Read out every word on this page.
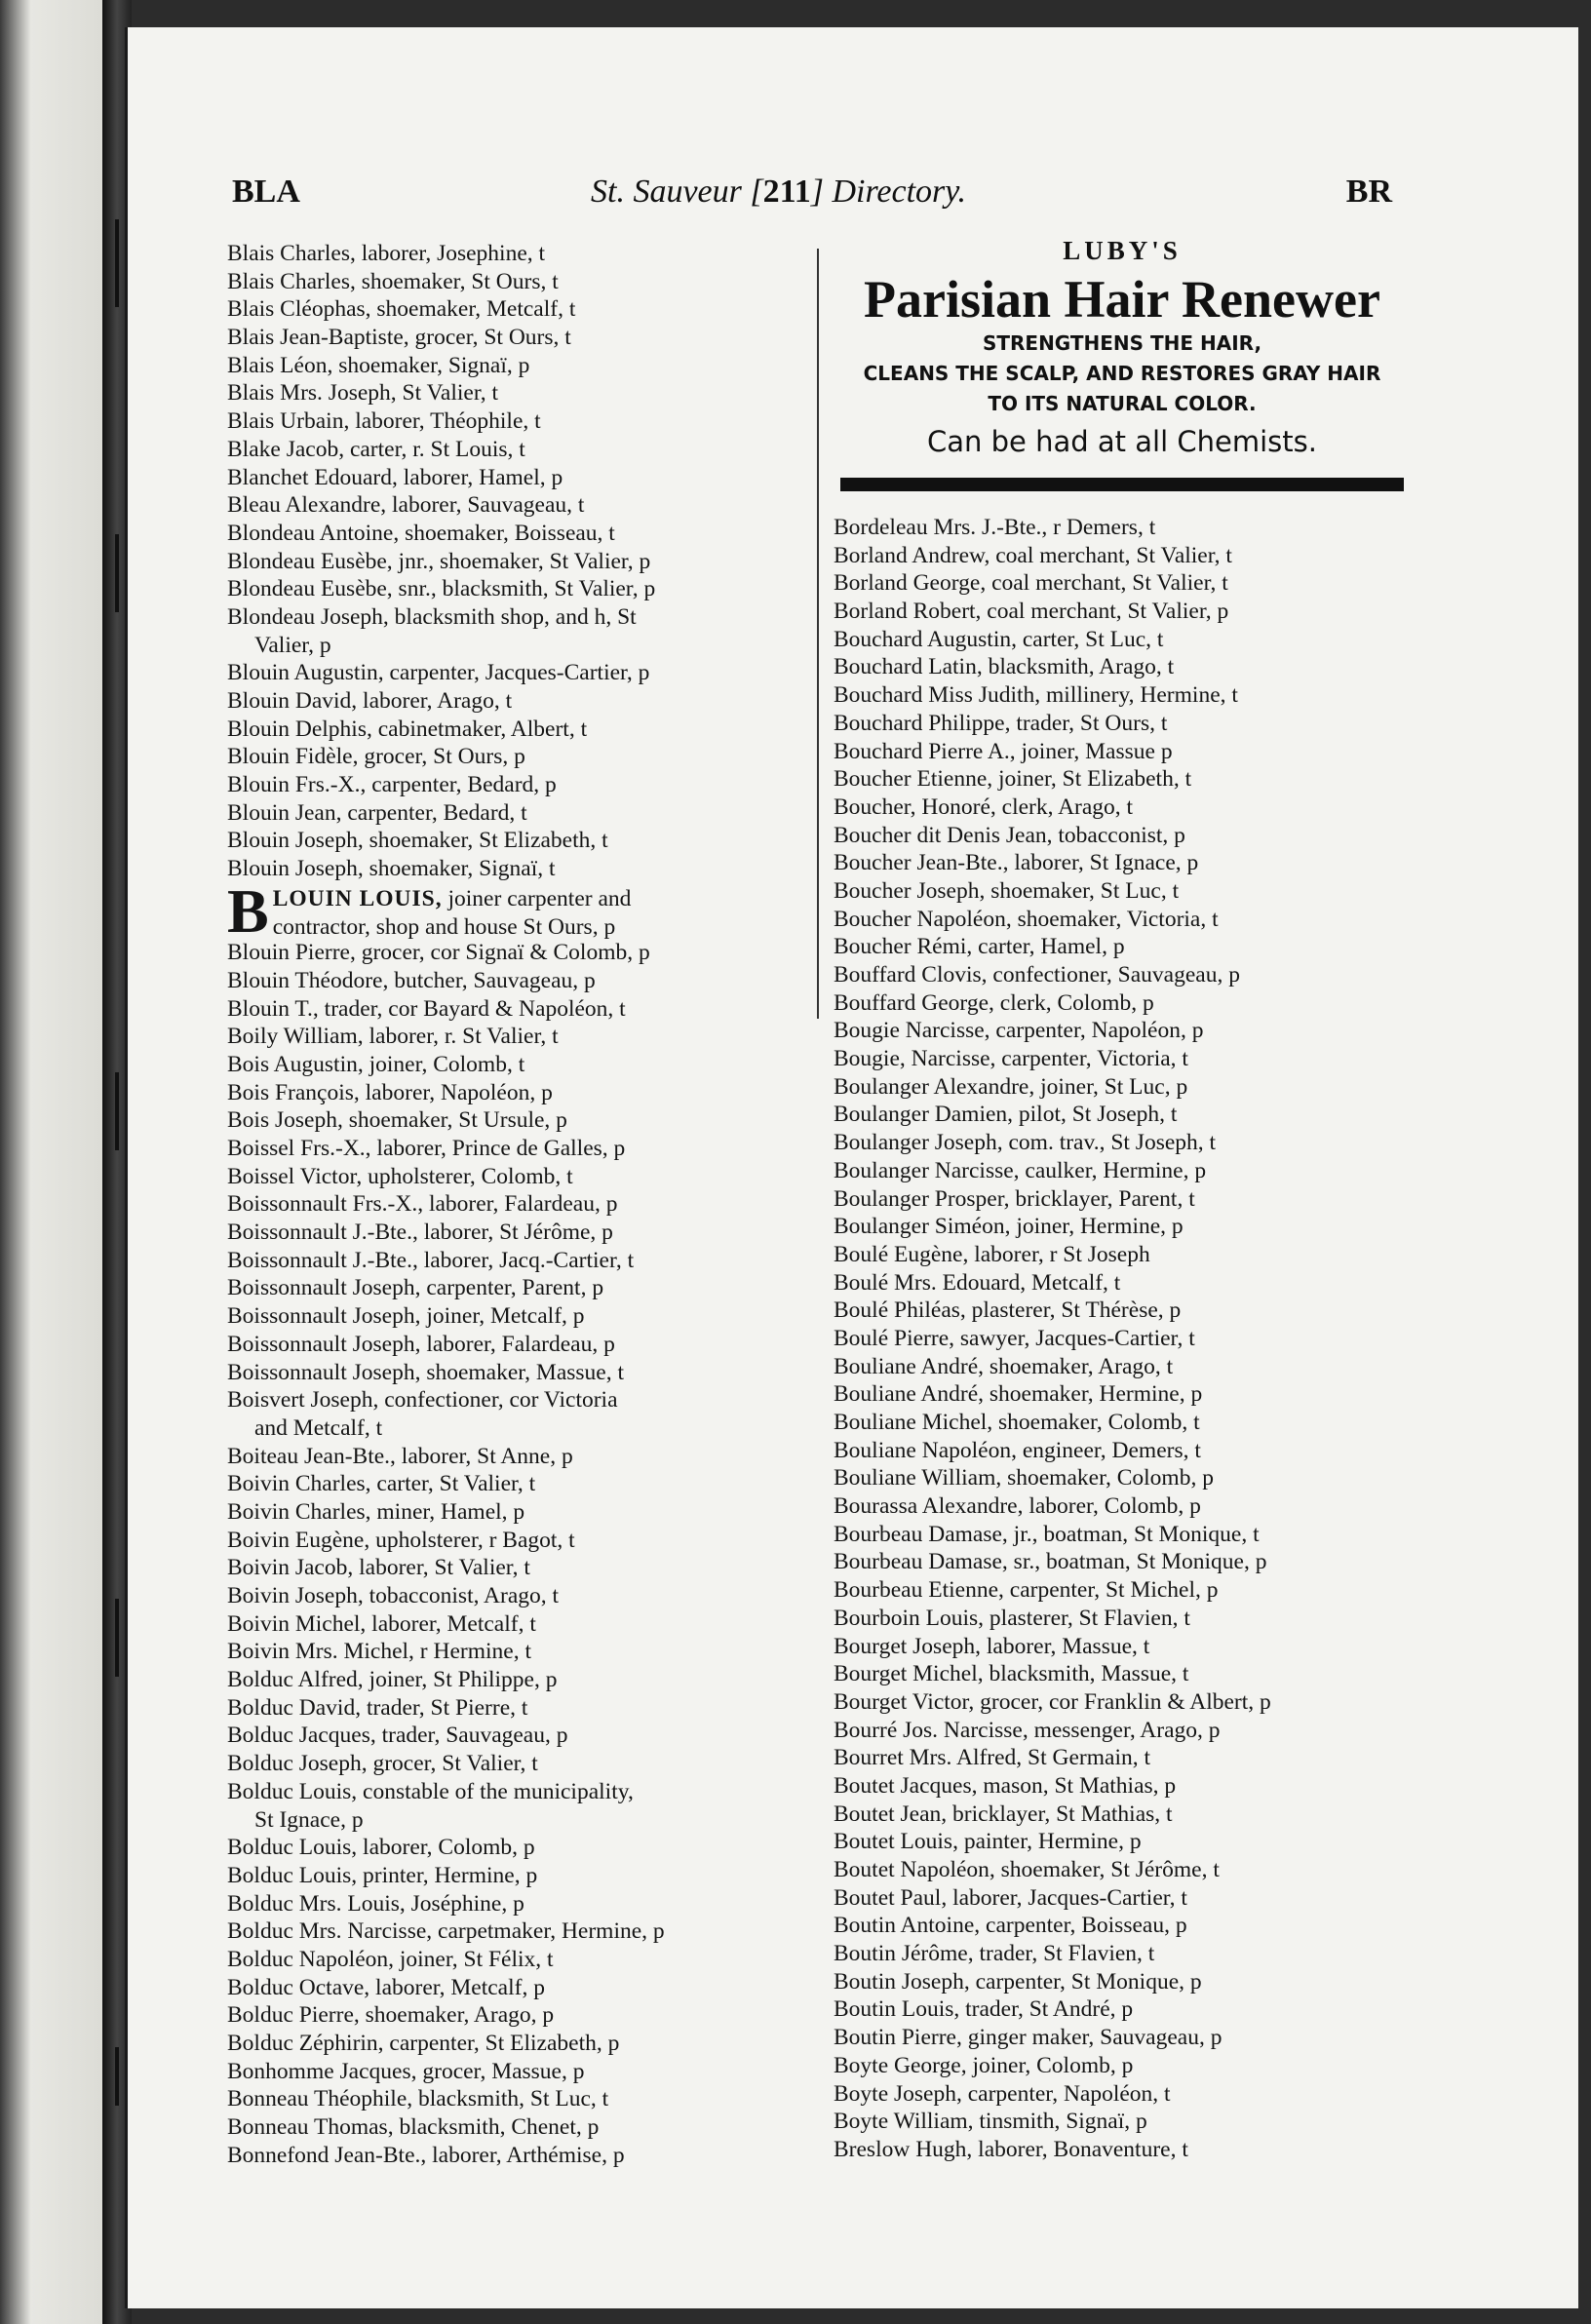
BLA	St. Sauveur [211] Directory.	BR
LUBY'S
Parisian Hair Renewer
STRENGTHENS THE HAIR,
CLEANS THE SCALP, AND RESTORES GRAY HAIR
TO ITS NATURAL COLOR.
Can be had at all Chemists.
Blais Charles, laborer, Josephine, t
Blais Charles, shoemaker, St Ours, t
Blais Cléophas, shoemaker, Metcalf, t
Blais Jean-Baptiste, grocer, St Ours, t
Blais Léon, shoemaker, Signaï, p
Blais Mrs. Joseph, St Valier, t
Blais Urbain, laborer, Théophile, t
Blake Jacob, carter, r. St Louis, t
Blanchet Edouard, laborer, Hamel, p
Bleau Alexandre, laborer, Sauvageau, t
Blondeau Antoine, shoemaker, Boisseau, t
Blondeau Eusèbe, jnr., shoemaker, St Valier, p
Blondeau Eusèbe, snr., blacksmith, St Valier, p
Blondeau Joseph, blacksmith shop, and h, St
Valier, p
Blouin Augustin, carpenter, Jacques-Cartier, p
Blouin David, laborer, Arago, t
Blouin Delphis, cabinetmaker, Albert, t
Blouin Fidèle, grocer, St Ours, p
Blouin Frs.-X., carpenter, Bedard, p
Blouin Jean, carpenter, Bedard, t
Blouin Joseph, shoemaker, St Elizabeth, t
Blouin Joseph, shoemaker, Signaï, t
Blouin Pierre, grocer, cor Signaï & Colomb, p
Blouin Théodore, butcher, Sauvageau, p
Blouin T., trader, cor Bayard & Napoléon, t
Boily William, laborer, r. St Valier, t
Bois Augustin, joiner, Colomb, t
Bois François, laborer, Napoléon, p
Bois Joseph, shoemaker, St Ursule, p
Boissel Frs.-X., laborer, Prince de Galles, p
Boissel Victor, upholsterer, Colomb, t
Boissonnault Frs.-X., laborer, Falardeau, p
Boissonnault J.-Bte., laborer, St Jérôme, p
Boissonnault J.-Bte., laborer, Jacq.-Cartier, t
Boissonnault Joseph, carpenter, Parent, p
Boissonnault Joseph, joiner, Metcalf, p
Boissonnault Joseph, laborer, Falardeau, p
Boissonnault Joseph, shoemaker, Massue, t
Boisvert Joseph, confectioner, cor Victoria
and Metcalf, t
Boiteau Jean-Bte., laborer, St Anne, p
Boivin Charles, carter, St Valier, t
Boivin Charles, miner, Hamel, p
Boivin Eugène, upholsterer, r Bagot, t
Boivin Jacob, laborer, St Valier, t
Boivin Joseph, tobacconist, Arago, t
Boivin Michel, laborer, Metcalf, t
Boivin Mrs. Michel, r Hermine, t
Bolduc Alfred, joiner, St Philippe, p
Bolduc David, trader, St Pierre, t
Bolduc Jacques, trader, Sauvageau, p
Bolduc Joseph, grocer, St Valier, t
Bolduc Louis, constable of the municipality,
St Ignace, p
Bolduc Louis, laborer, Colomb, p
Bolduc Louis, printer, Hermine, p
Bolduc Mrs. Louis, Joséphine, p
Bolduc Mrs. Narcisse, carpetmaker, Hermine, p
Bolduc Napoléon, joiner, St Félix, t
Bolduc Octave, laborer, Metcalf, p
Bolduc Pierre, shoemaker, Arago, p
Bolduc Zéphirin, carpenter, St Elizabeth, p
Bonhomme Jacques, grocer, Massue, p
Bonneau Théophile, blacksmith, St Luc, t
Bonneau Thomas, blacksmith, Chenet, p
Bonnefond Jean-Bte., laborer, Arthémise, p
B LOUIN LOUIS, joiner carpenter and
contractor, shop and house St Ours, p
Bordeleau Mrs. J.-Bte., r Demers, t
Borland Andrew, coal merchant, St Valier, t
Borland George, coal merchant, St Valier, t
Borland Robert, coal merchant, St Valier, p
Bouchard Augustin, carter, St Luc, t
Bouchard Latin, blacksmith, Arago, t
Bouchard Miss Judith, millinery, Hermine, t
Bouchard Philippe, trader, St Ours, t
Bouchard Pierre A., joiner, Massue p
Boucher Etienne, joiner, St Elizabeth, t
Boucher, Honoré, clerk, Arago, t
Boucher dit Denis Jean, tobacconist, p
Boucher Jean-Bte., laborer, St Ignace, p
Boucher Joseph, shoemaker, St Luc, t
Boucher Napoléon, shoemaker, Victoria, t
Boucher Rémi, carter, Hamel, p
Bouffard Clovis, confectioner, Sauvageau, p
Bouffard George, clerk, Colomb, p
Bougie Narcisse, carpenter, Napoléon, p
Bougie, Narcisse, carpenter, Victoria, t
Boulanger Alexandre, joiner, St Luc, p
Boulanger Damien, pilot, St Joseph, t
Boulanger Joseph, com. trav., St Joseph, t
Boulanger Narcisse, caulker, Hermine, p
Boulanger Prosper, bricklayer, Parent, t
Boulanger Siméon, joiner, Hermine, p
Boulé Eugène, laborer, r St Joseph
Boulé Mrs. Edouard, Metcalf, t
Boulé Philéas, plasterer, St Thérèse, p
Boulé Pierre, sawyer, Jacques-Cartier, t
Bouliane André, shoemaker, Arago, t
Bouliane André, shoemaker, Hermine, p
Bouliane Michel, shoemaker, Colomb, t
Bouliane Napoléon, engineer, Demers, t
Bouliane William, shoemaker, Colomb, p
Bourassa Alexandre, laborer, Colomb, p
Bourbeau Damase, jr., boatman, St Monique, t
Bourbeau Damase, sr., boatman, St Monique, p
Bourbeau Etienne, carpenter, St Michel, p
Bourboin Louis, plasterer, St Flavien, t
Bourget Joseph, laborer, Massue, t
Bourget Michel, blacksmith, Massue, t
Bourget Victor, grocer, cor Franklin & Albert, p
Bourré Jos. Narcisse, messenger, Arago, p
Bourret Mrs. Alfred, St Germain, t
Boutet Jacques, mason, St Mathias, p
Boutet Jean, bricklayer, St Mathias, t
Boutet Louis, painter, Hermine, p
Boutet Napoléon, shoemaker, St Jérôme, t
Boutet Paul, laborer, Jacques-Cartier, t
Boutin Antoine, carpenter, Boisseau, p
Boutin Jérôme, trader, St Flavien, t
Boutin Joseph, carpenter, St Monique, p
Boutin Louis, trader, St André, p
Boutin Pierre, ginger maker, Sauvageau, p
Boyte George, joiner, Colomb, p
Boyte Joseph, carpenter, Napoléon, t
Boyte William, tinsmith, Signaï, p
Breslow Hugh, laborer, Bonaventure, t
